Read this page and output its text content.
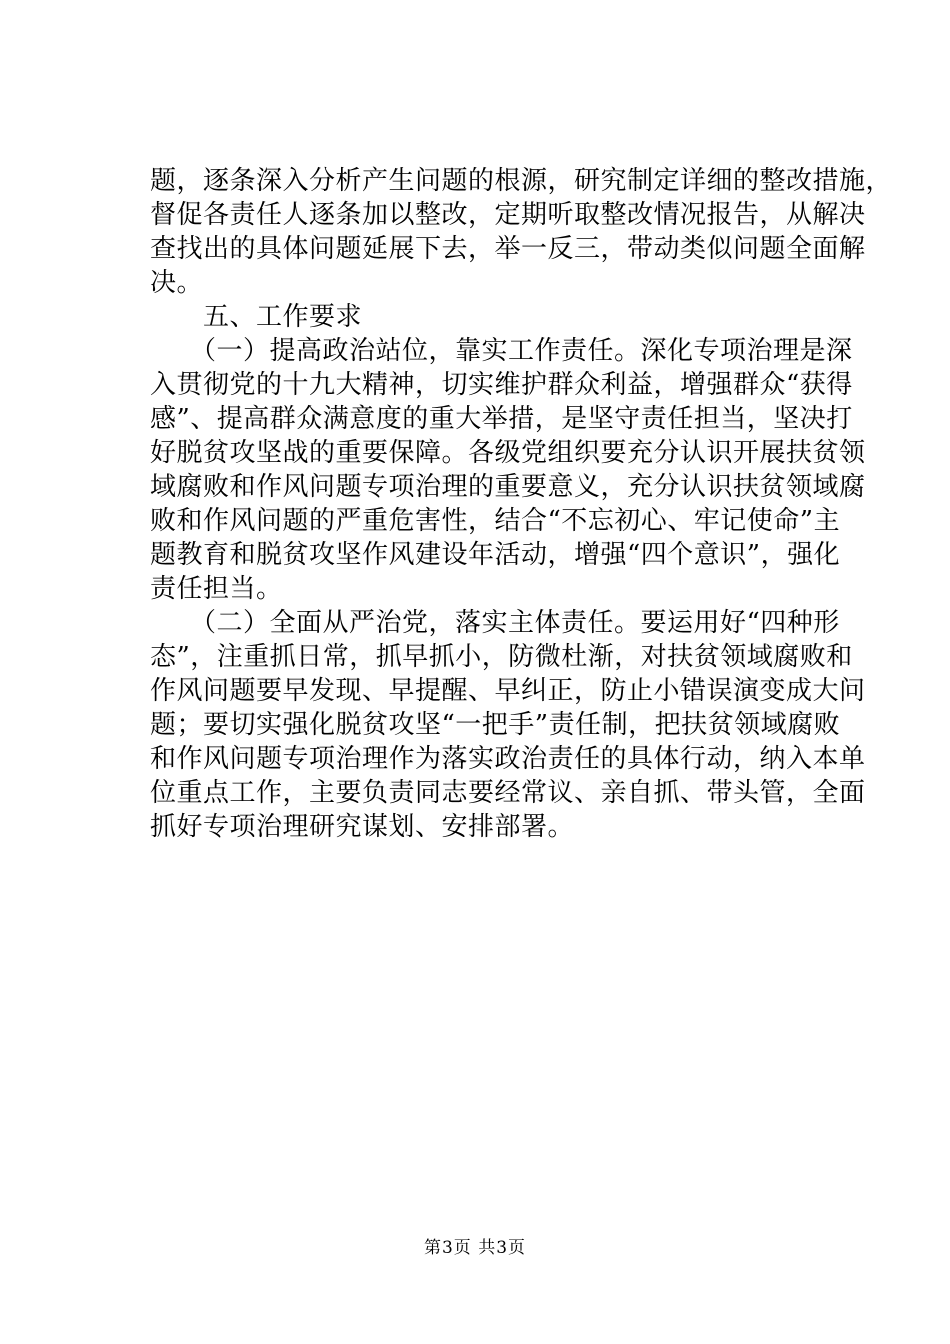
题，逐条深入分析产生问题的根源，研究制定详细的整改措施，
督促各责任人逐条加以整改，定期听取整改情况报告，从解决
查找出的具体问题延展下去，举一反三，带动类似问题全面解
决。
　　五、工作要求
　　（一）提高政治站位，靠实工作责任。深化专项治理是深
入贯彻党的十九大精神，切实维护群众利益，增强群众“获得
感”、提高群众满意度的重大举措，是坚守责任担当，坚决打
好脱贫攻坚战的重要保障。各级党组织要充分认识开展扶贫领
域腐败和作风问题专项治理的重要意义，充分认识扶贫领域腐
败和作风问题的严重危害性，结合“不忘初心、牢记使命”主
题教育和脱贫攻坚作风建设年活动，增强“四个意识”，强化
责任担当。
　　（二）全面从严治党，落实主体责任。要运用好“四种形
态”，注重抓日常，抓早抓小，防微杜渐，对扶贫领域腐败和
作风问题要早发现、早提醒、早纠正，防止小错误演变成大问
题；要切实强化脱贫攻坚“一把手”责任制，把扶贫领域腐败
和作风问题专项治理作为落实政治责任的具体行动，纳入本单
位重点工作，主要负责同志要经常议、亲自抓、带头管，全面
抓好专项治理研究谋划、安排部署。
第3页 共3页
